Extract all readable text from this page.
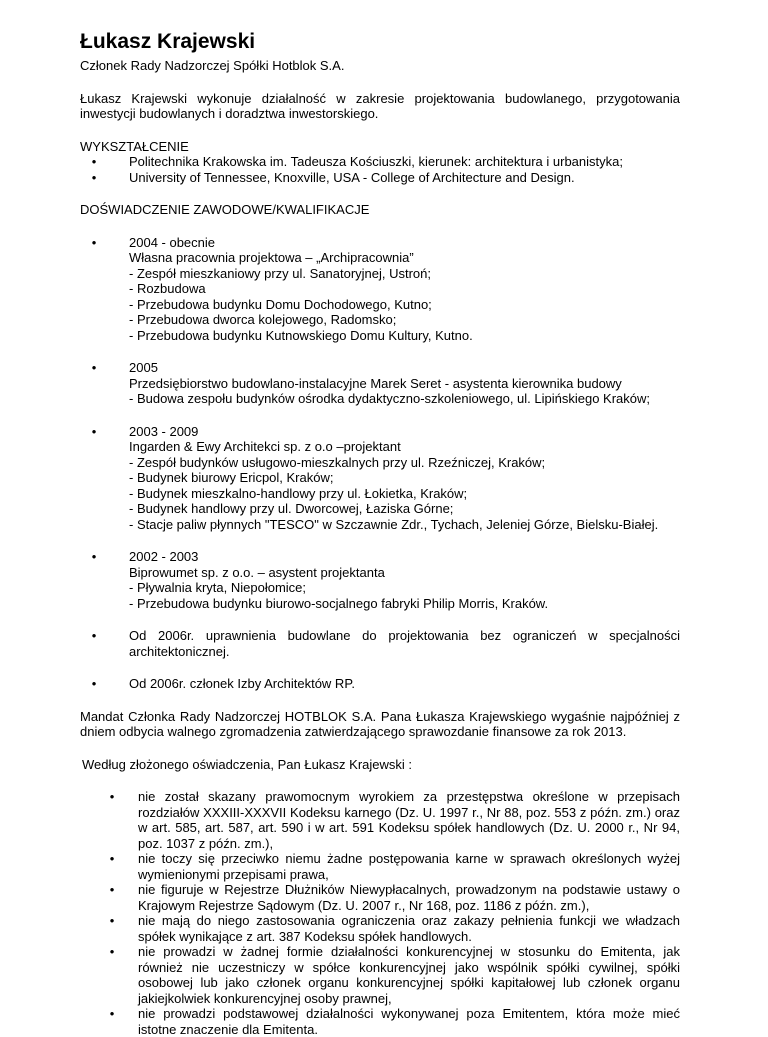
Łukasz Krajewski

Członek Rady Nadzorczej Spółki Hotblok S.A.

Łukasz Krajewski wykonuje działalność w zakresie projektowania budowlanego, przygotowania inwestycji budowlanych i doradztwa inwestorskiego.

WYKSZTAŁCENIE

•	Politechnika Krakowska im. Tadeusza Kościuszki, kierunek: architektura i urbanistyka;
•	University of Tennessee, Knoxville, USA - College of Architecture and Design.

DOŚWIADCZENIE ZAWODOWE/KWALIFIKACJE

•	2004 - obecnie
Własna pracownia projektowa – „Archipracownia”
- Zespół mieszkaniowy przy ul. Sanatoryjnej, Ustroń;
- Rozbudowa
- Przebudowa budynku Domu Dochodowego, Kutno;
- Przebudowa dworca kolejowego, Radomsko;
- Przebudowa budynku Kutnowskiego Domu Kultury, Kutno.
•	2005
Przedsiębiorstwo budowlano-instalacyjne Marek Seret - asystenta kierownika budowy
- Budowa zespołu budynków ośrodka dydaktyczno-szkoleniowego, ul. Lipińskiego Kraków;
•	2003 - 2009
Ingarden & Ewy Architekci sp. z o.o –projektant
- Zespół budynków usługowo-mieszkalnych przy ul. Rzeźniczej, Kraków;
- Budynek biurowy Ericpol, Kraków;
- Budynek mieszkalno-handlowy przy ul. Łokietka, Kraków;
- Budynek handlowy przy ul. Dworcowej, Łaziska Górne;
- Stacje paliw płynnych "TESCO" w Szczawnie Zdr., Tychach, Jeleniej Górze, Bielsku-Białej.
•	2002 - 2003
Biprowumet sp. z o.o. – asystent projektanta
- Pływalnia kryta, Niepołomice;
- Przebudowa budynku biurowo-socjalnego fabryki Philip Morris, Kraków.
•	Od 2006r. uprawnienia budowlane do projektowania bez ograniczeń w specjalności architektonicznej.
•	Od 2006r. członek Izby Architektów RP.

Mandat Członka Rady Nadzorczej HOTBLOK S.A. Pana Łukasza Krajewskiego wygaśnie najpóźniej z dniem odbycia walnego zgromadzenia zatwierdzającego sprawozdanie finansowe za rok 2013.

Według złożonego oświadczenia, Pan Łukasz Krajewski :

•	nie został skazany prawomocnym wyrokiem za przestępstwa określone w przepisach rozdziałów XXXIII-XXXVII Kodeksu karnego (Dz. U. 1997 r., Nr 88, poz. 553 z późn. zm.) oraz w art. 585, art. 587, art. 590 i w art. 591 Kodeksu spółek handlowych (Dz. U. 2000 r., Nr 94, poz. 1037 z późn. zm.),
•	nie toczy się przeciwko niemu żadne postępowania karne w sprawach określonych wyżej wymienionymi przepisami prawa,
•	nie figuruje w Rejestrze Dłużników Niewypłacalnych, prowadzonym na podstawie ustawy o Krajowym Rejestrze Sądowym (Dz. U. 2007 r., Nr 168, poz. 1186 z późn. zm.),
•	nie mają do niego zastosowania ograniczenia oraz zakazy pełnienia funkcji we władzach spółek wynikające z art. 387 Kodeksu spółek handlowych.
•	nie prowadzi w żadnej formie działalności konkurencyjnej w stosunku do Emitenta, jak również nie uczestniczy w spółce konkurencyjnej jako wspólnik spółki cywilnej, spółki osobowej lub jako członek organu konkurencyjnej spółki kapitałowej lub członek organu jakiejkolwiek konkurencyjnej osoby prawnej,
•	nie prowadzi podstawowej działalności wykonywanej poza Emitentem, która może mieć istotne znaczenie dla Emitenta.
